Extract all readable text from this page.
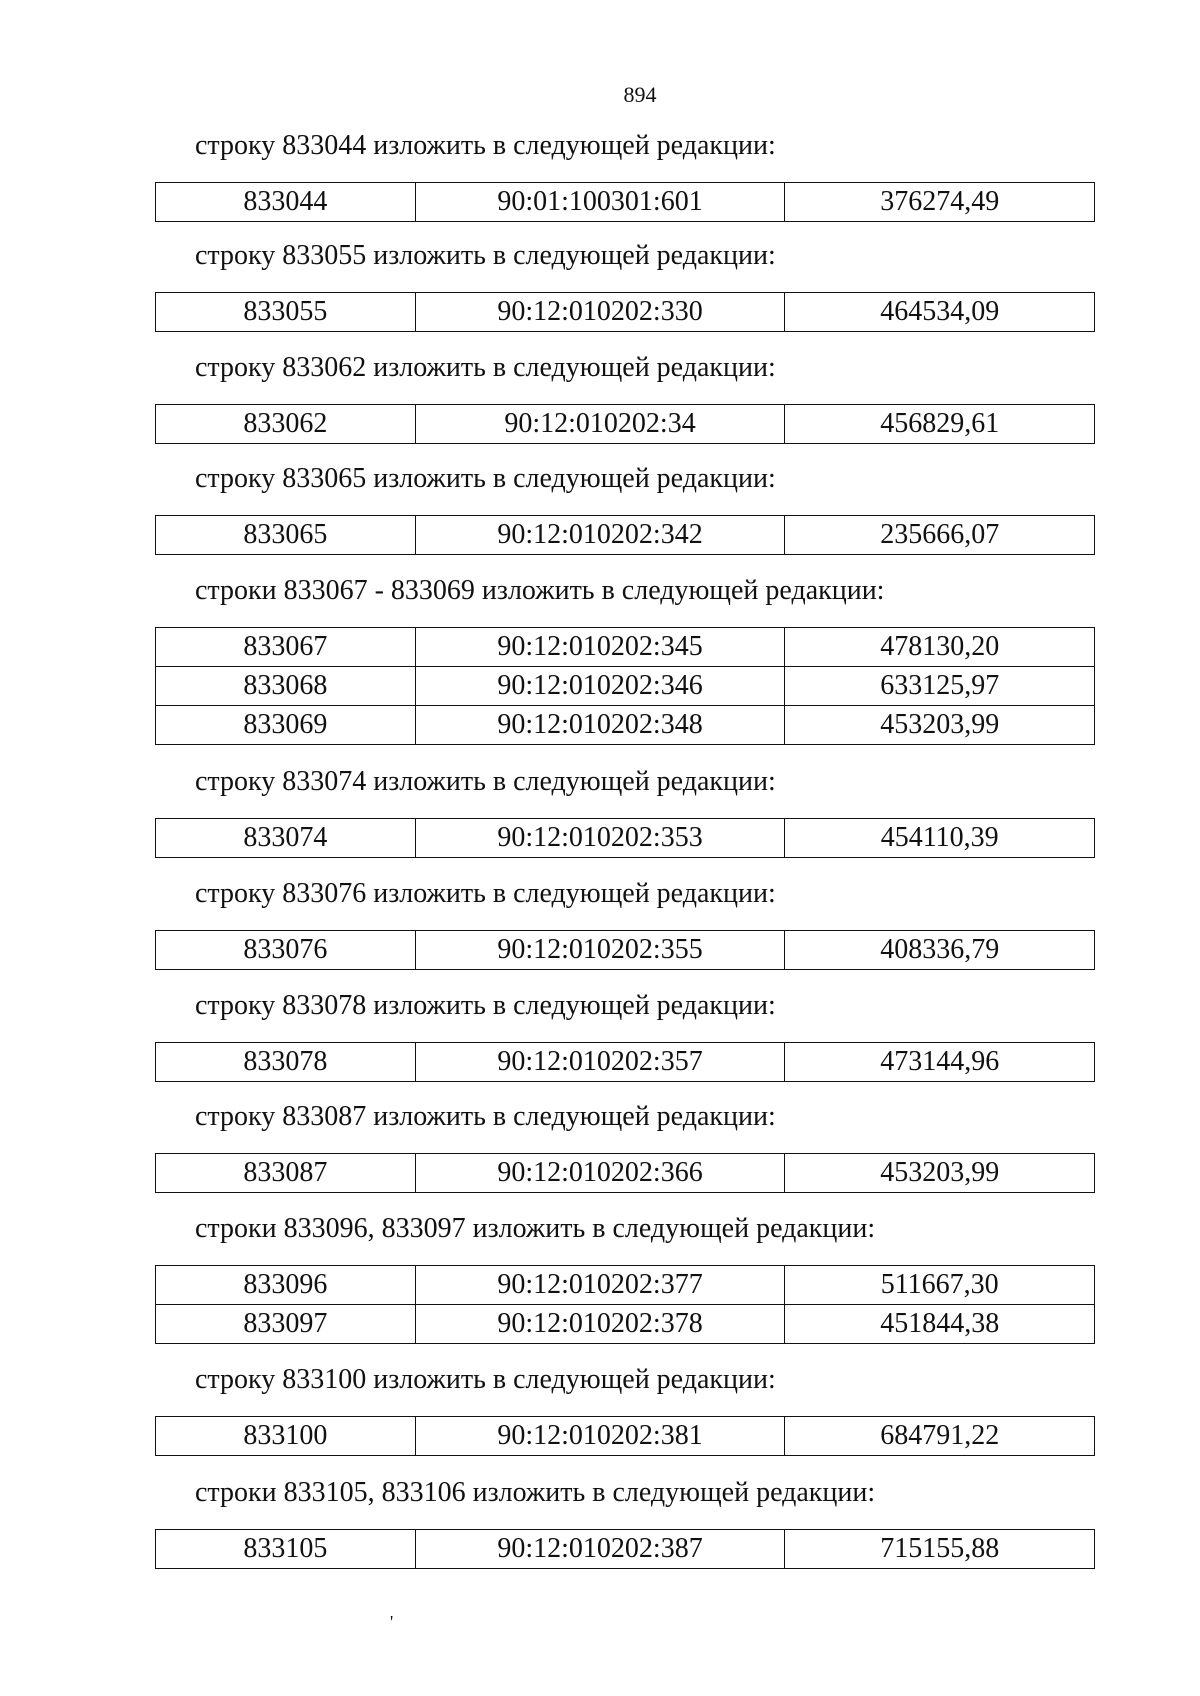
894
строку 833044 изложить в следующей редакции:
833044	90:01:100301:601	376274,49
строку 833055 изложить в следующей редакции:
833055	90:12:010202:330	464534,09
строку 833062 изложить в следующей редакции:
833062	90:12:010202:34	456829,61
строку 833065 изложить в следующей редакции:
833065	90:12:010202:342	235666,07
строки 833067 - 833069 изложить в следующей редакции:
833067	90:12:010202:345	478130,20
833068	90:12:010202:346	633125,97
833069	90:12:010202:348	453203,99
строку 833074 изложить в следующей редакции:
833074	90:12:010202:353	454110,39
строку 833076 изложить в следующей редакции:
833076	90:12:010202:355	408336,79
строку 833078 изложить в следующей редакции:
833078	90:12:010202:357	473144,96
строку 833087 изложить в следующей редакции:
833087	90:12:010202:366	453203,99
строки 833096, 833097 изложить в следующей редакции:
833096	90:12:010202:377	511667,30
833097	90:12:010202:378	451844,38
строку 833100 изложить в следующей редакции:
833100	90:12:010202:381	684791,22
строки 833105, 833106 изложить в следующей редакции:
833105	90:12:010202:387	715155,88
'
